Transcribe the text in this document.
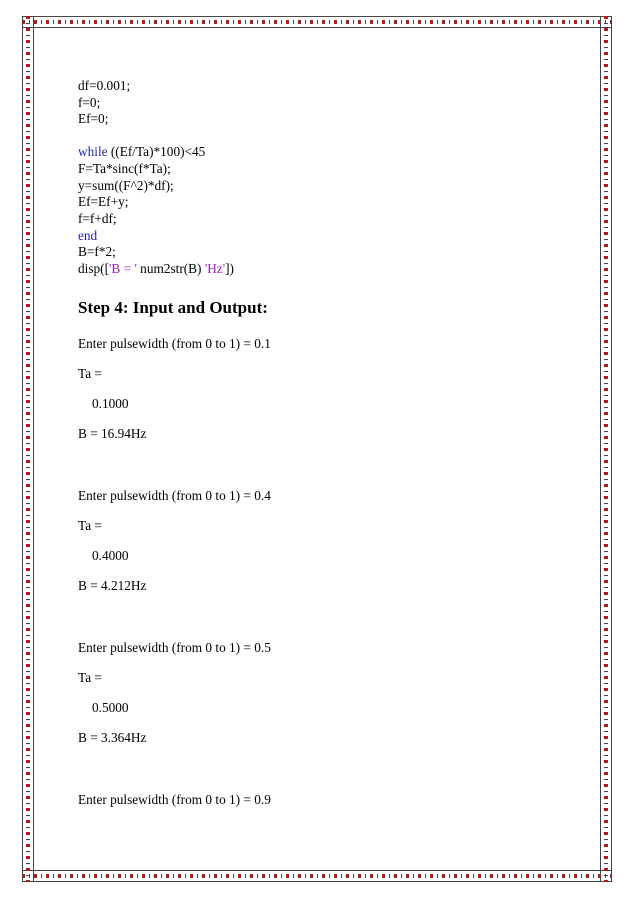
df=0.001;
f=0;
Ef=0;
while ((Ef/Ta)*100)<45
F=Ta*sinc(f*Ta);
y=sum((F^2)*df);
Ef=Ef+y;
f=f+df;
end
B=f*2;
disp(['B = ' num2str(B) 'Hz'])
Step 4: Input and Output:
Enter pulsewidth (from 0 to 1) = 0.1
Ta =
0.1000
B = 16.94Hz
Enter pulsewidth (from 0 to 1) = 0.4
Ta =
0.4000
B = 4.212Hz
Enter pulsewidth (from 0 to 1) = 0.5
Ta =
0.5000
B = 3.364Hz
Enter pulsewidth (from 0 to 1) = 0.9
